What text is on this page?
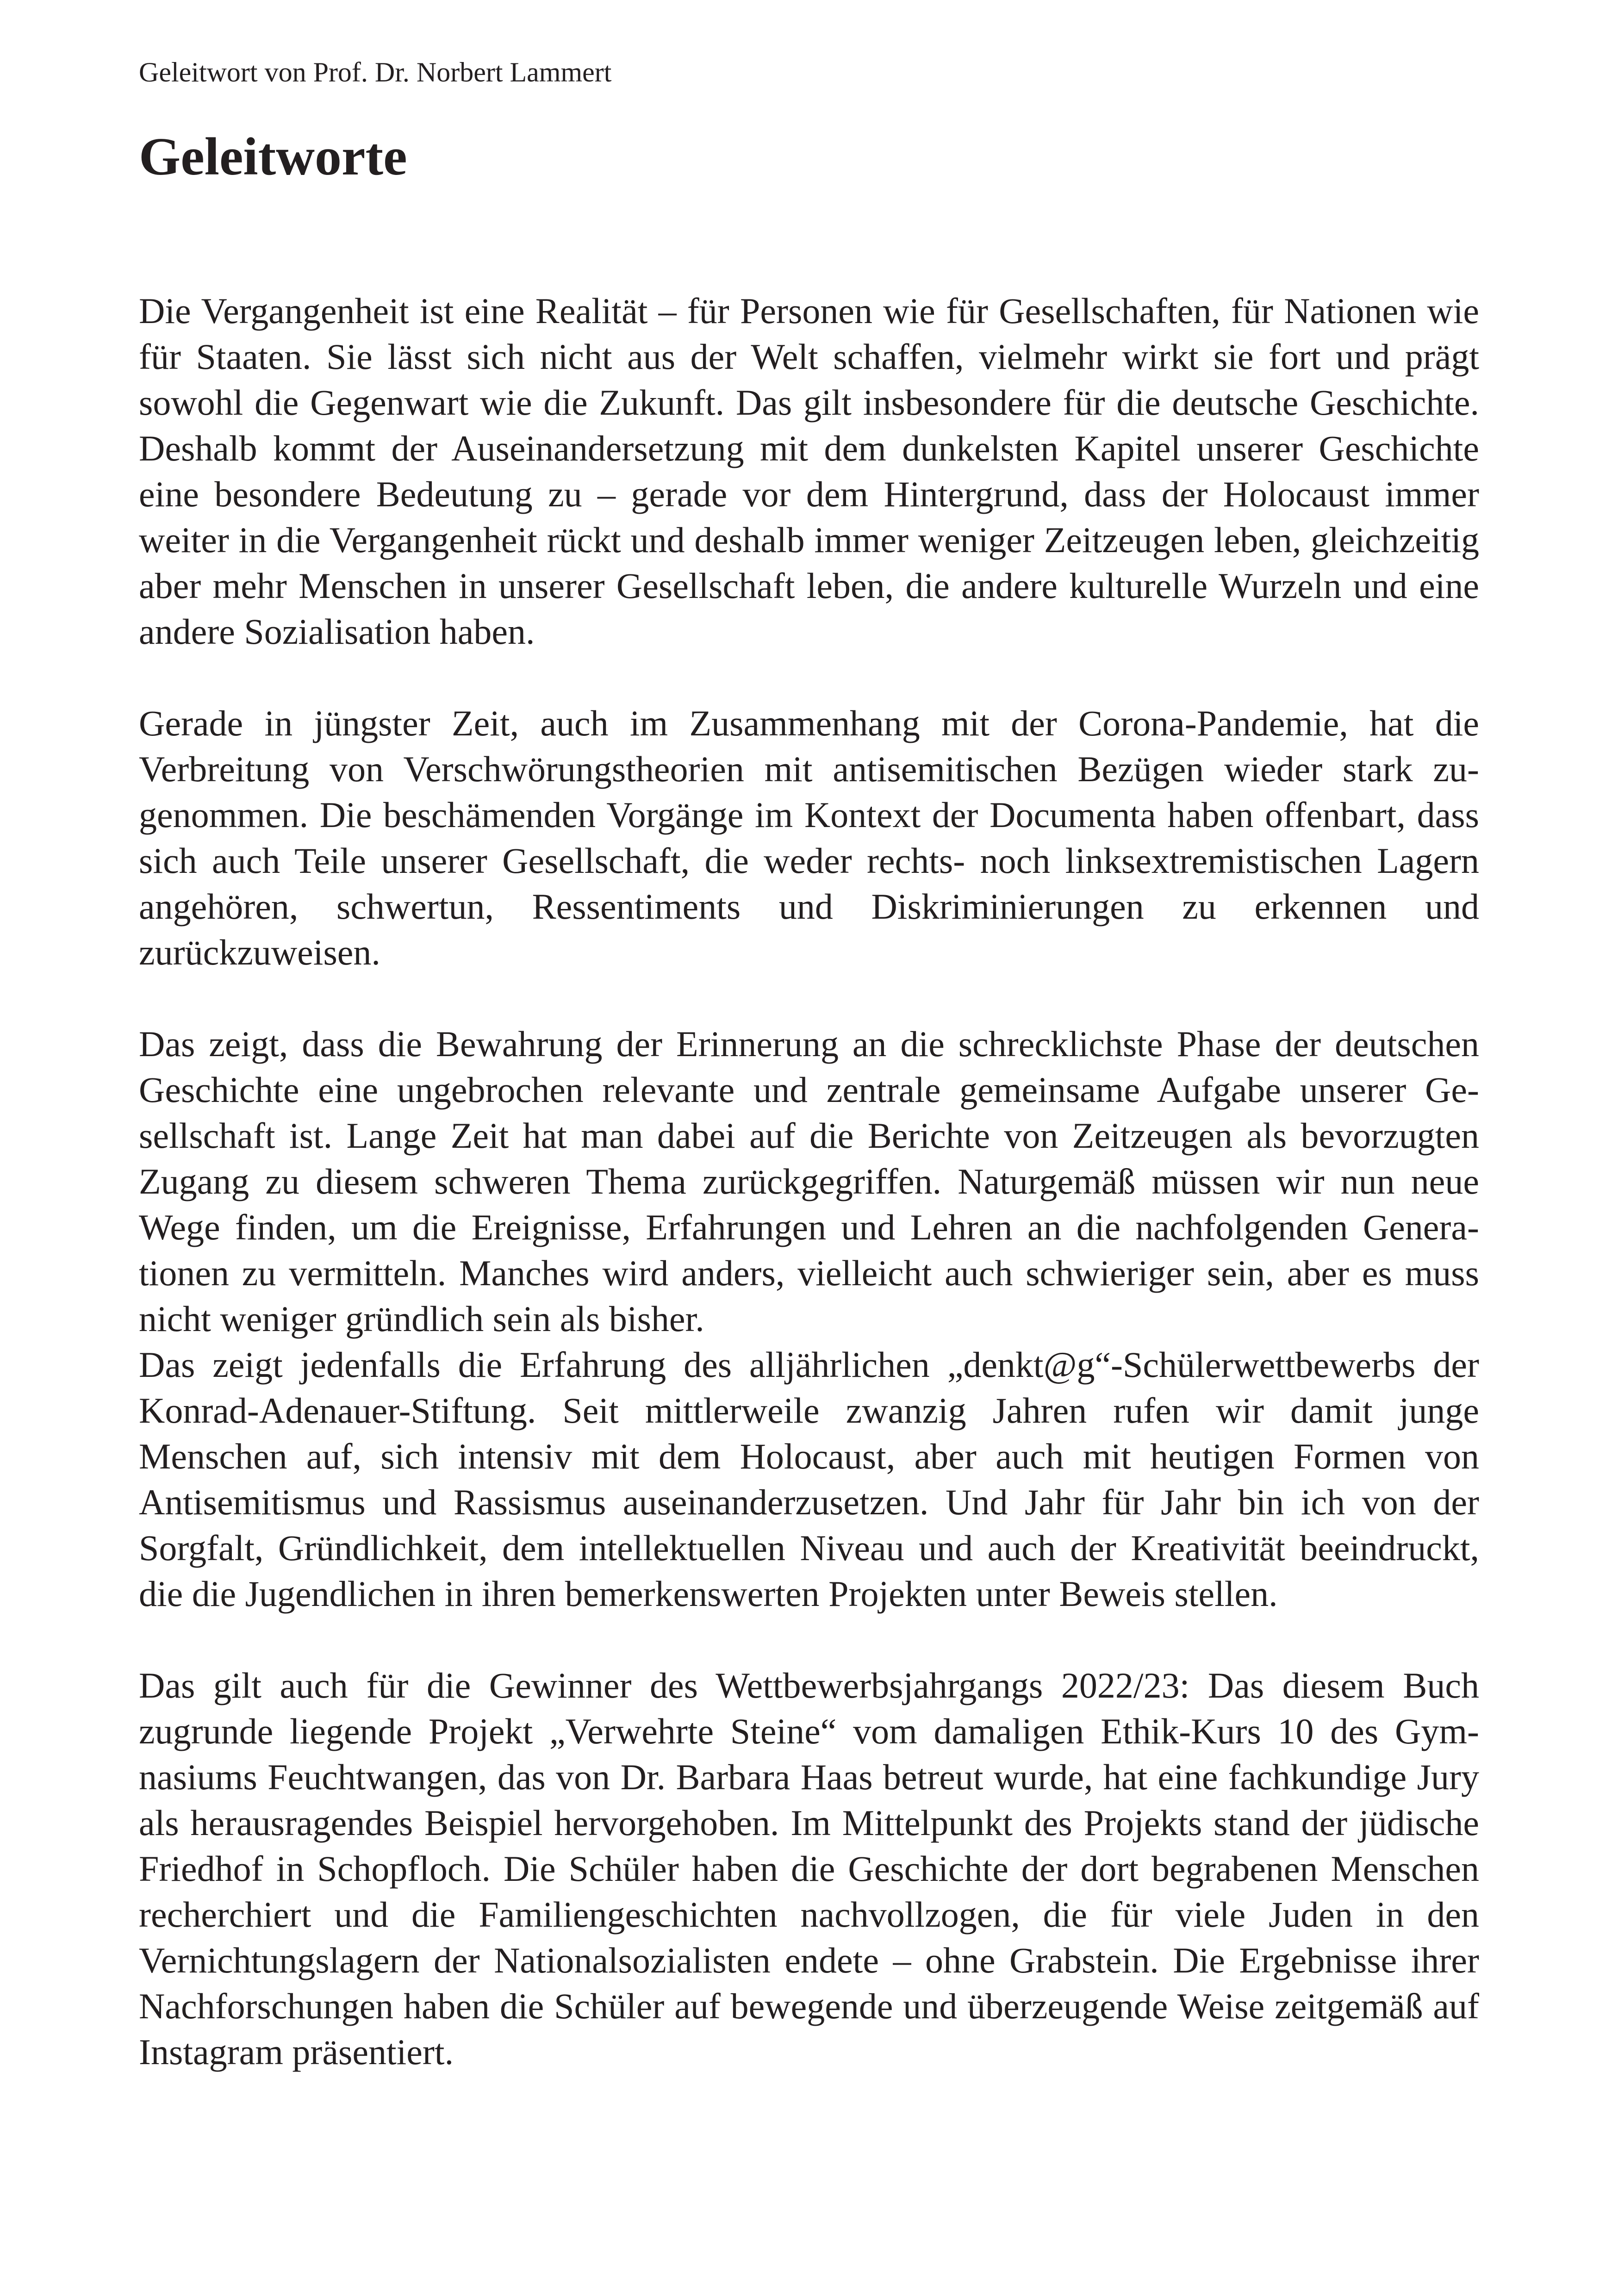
Geleitwort von Prof. Dr. Norbert Lammert
Geleitworte

Die Vergangenheit ist eine Realität – für Personen wie für Gesellschaften, für Nationen wie für Staaten. Sie lässt sich nicht aus der Welt schaffen, vielmehr wirkt sie fort und prägt sowohl die Gegenwart wie die Zukunft. Das gilt insbesondere für die deutsche Geschichte. Deshalb kommt der Auseinandersetzung mit dem dunkelsten Kapitel unserer Geschichte eine besondere Bedeutung zu – gerade vor dem Hintergrund, dass der Holocaust immer weiter in die Vergangenheit rückt und deshalb immer weniger Zeitzeugen leben, gleichzeitig aber mehr Menschen in unserer Gesellschaft leben, die andere kulturelle Wurzeln und eine andere Sozialisation haben.

Gerade in jüngster Zeit, auch im Zusammenhang mit der Corona-Pandemie, hat die Verbreitung von Verschwörungstheorien mit antisemitischen Bezügen wieder stark zugenommen. Die beschämenden Vorgänge im Kontext der Documenta haben offenbart, dass sich auch Teile unserer Gesellschaft, die weder rechts- noch linksextremistischen Lagern angehören, schwertun, Ressentiments und Diskriminierungen zu erkennen und zurückzuweisen.

Das zeigt, dass die Bewahrung der Erinnerung an die schrecklichste Phase der deutschen Geschichte eine ungebrochen relevante und zentrale gemeinsame Aufgabe unserer Gesellschaft ist. Lange Zeit hat man dabei auf die Berichte von Zeitzeugen als bevorzugten Zugang zu diesem schweren Thema zurückgegriffen. Naturgemäß müssen wir nun neue Wege finden, um die Ereignisse, Erfahrungen und Lehren an die nachfolgenden Generationen zu vermitteln. Manches wird anders, vielleicht auch schwieriger sein, aber es muss nicht weniger gründlich sein als bisher.

Das zeigt jedenfalls die Erfahrung des alljährlichen „denkt@g“-Schülerwettbewerbs der Konrad-Adenauer-Stiftung. Seit mittlerweile zwanzig Jahren rufen wir damit junge Menschen auf, sich intensiv mit dem Holocaust, aber auch mit heutigen Formen von Antisemitismus und Rassismus auseinanderzusetzen. Und Jahr für Jahr bin ich von der Sorgfalt, Gründlichkeit, dem intellektuellen Niveau und auch der Kreativität beeindruckt, die die Jugendlichen in ihren bemerkenswerten Projekten unter Beweis stellen.

Das gilt auch für die Gewinner des Wettbewerbsjahrgangs 2022/23: Das diesem Buch zugrunde liegende Projekt „Verwehrte Steine“ vom damaligen Ethik-Kurs 10 des Gymnasiums Feuchtwangen, das von Dr. Barbara Haas betreut wurde, hat eine fachkundige Jury als herausragendes Beispiel hervorgehoben. Im Mittelpunkt des Projekts stand der jüdische Friedhof in Schopfloch. Die Schüler haben die Geschichte der dort begrabenen Menschen recherchiert und die Familiengeschichten nachvollzogen, die für viele Juden in den Vernichtungslagern der Nationalsozialisten endete – ohne Grabstein. Die Ergebnisse ihrer Nachforschungen haben die Schüler auf bewegende und überzeugende Weise zeitgemäß auf Instagram präsentiert.
